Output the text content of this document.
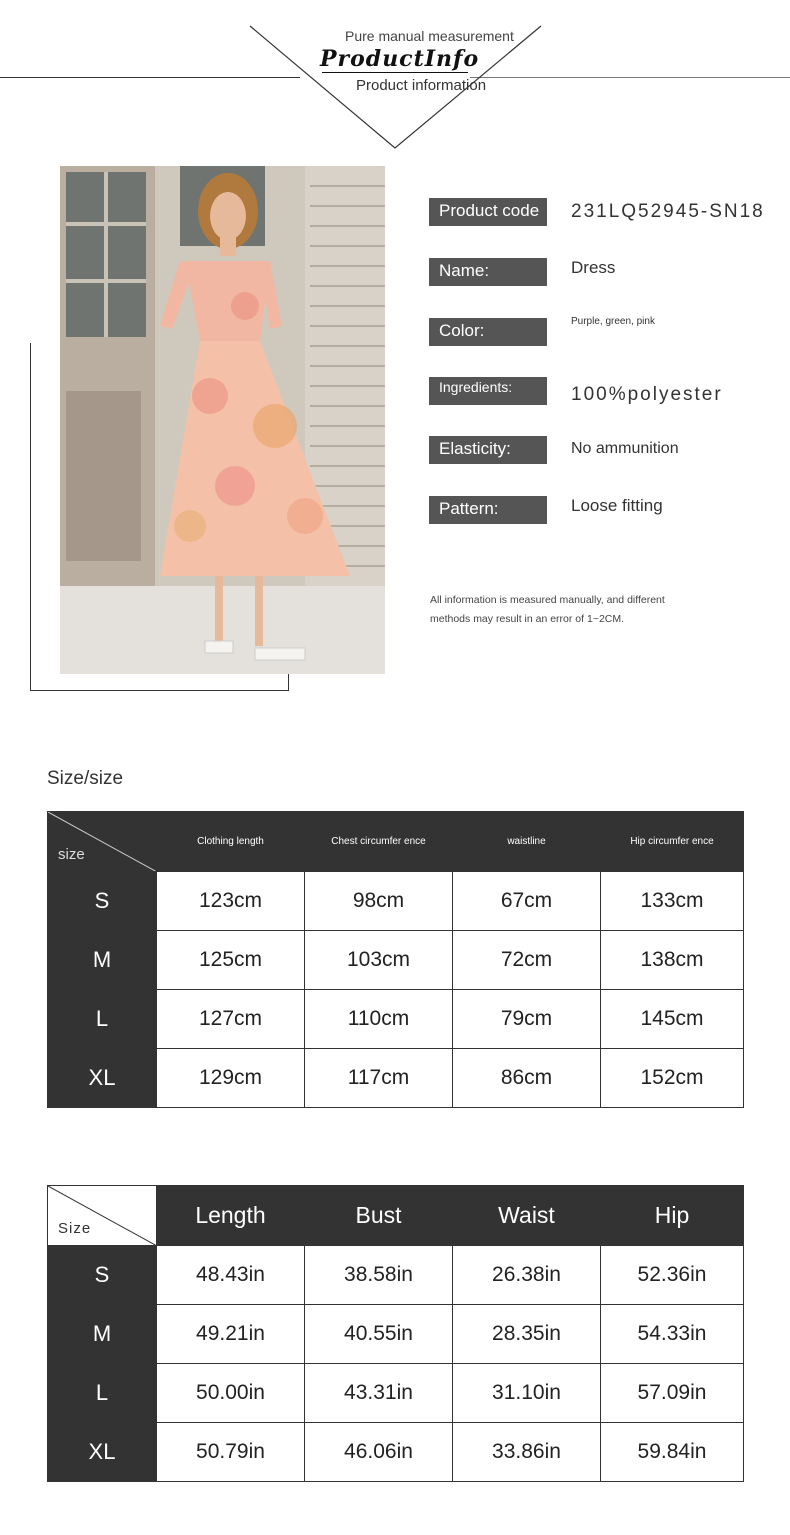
Pure manual measurement
ProductInfo
Product information
Product code	231LQ52945-SN18
Name:	Dress
Color:	Purple, green, pink
Ingredients:	100%polyester
Elasticity:	No ammunition
Pattern:	Loose fitting
All information is measured manually, and different
methods may result in an error of 1~2CM.
Size/size
size	Clothing length	Chest circumfer ence	waistline	Hip circumfer ence
S	123cm	98cm	67cm	133cm
M	125cm	103cm	72cm	138cm
L	127cm	110cm	79cm	145cm
XL	129cm	117cm	86cm	152cm
Size	Length	Bust	Waist	Hip
S	48.43in	38.58in	26.38in	52.36in
M	49.21in	40.55in	28.35in	54.33in
L	50.00in	43.31in	31.10in	57.09in
XL	50.79in	46.06in	33.86in	59.84in
